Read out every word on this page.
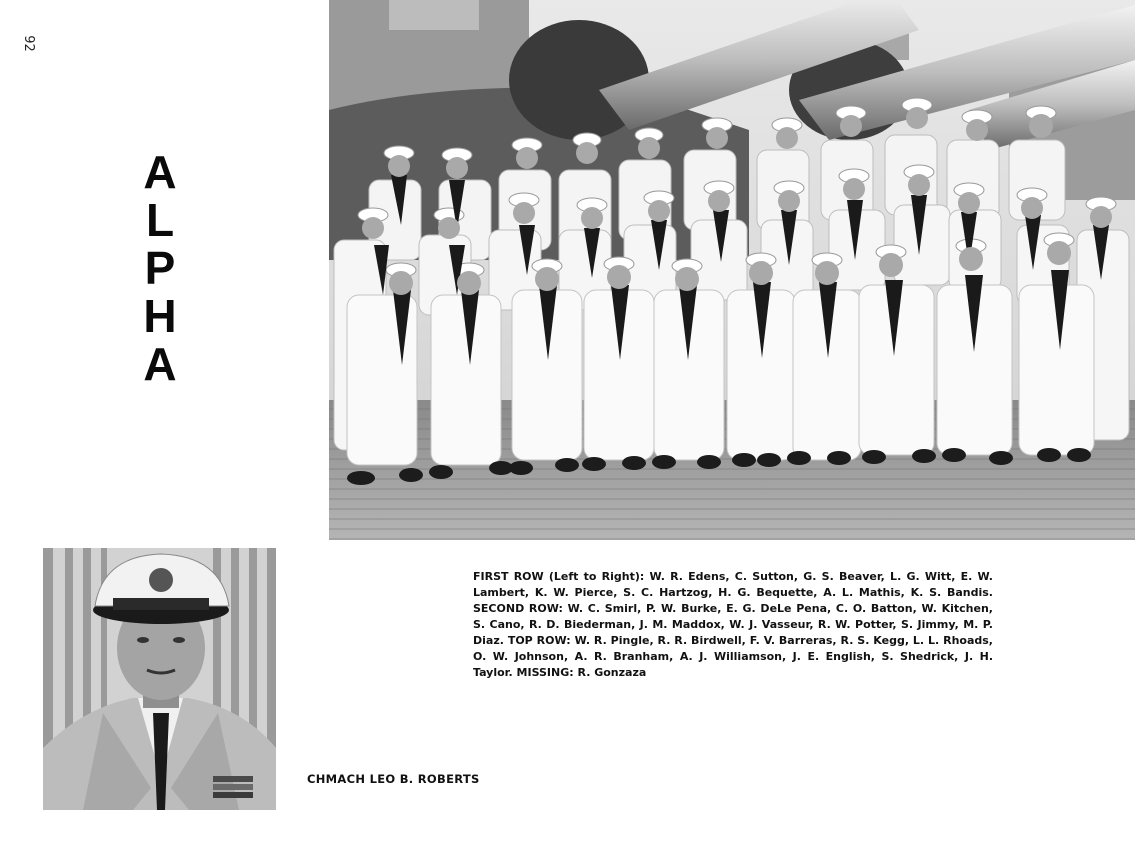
92
A
L
P
H
A
FIRST ROW (Left to Right): W. R. Edens, C. Sutton, G. S. Beaver, L. G. Witt, E. W. Lambert, K. W. Pierce, S. C. Hartzog, H. G. Bequette, A. L. Mathis, K. S. Bandis. SECOND ROW: W. C. Smirl, P. W. Burke, E. G. DeLe Pena, C. O. Batton, W. Kitchen, S. Cano, R. D. Biederman, J. M. Maddox, W. J. Vasseur, R. W. Potter, S. Jimmy, M. P. Diaz. TOP ROW: W. R. Pingle, R. R. Birdwell, F. V. Barreras, R. S. Kegg, L. L. Rhoads, O. W. Johnson, A. R. Branham, A. J. Williamson, J. E. English, S. Shedrick, J. H. Taylor. MISSING: R. Gonzaza
CHMACH LEO B. ROBERTS
